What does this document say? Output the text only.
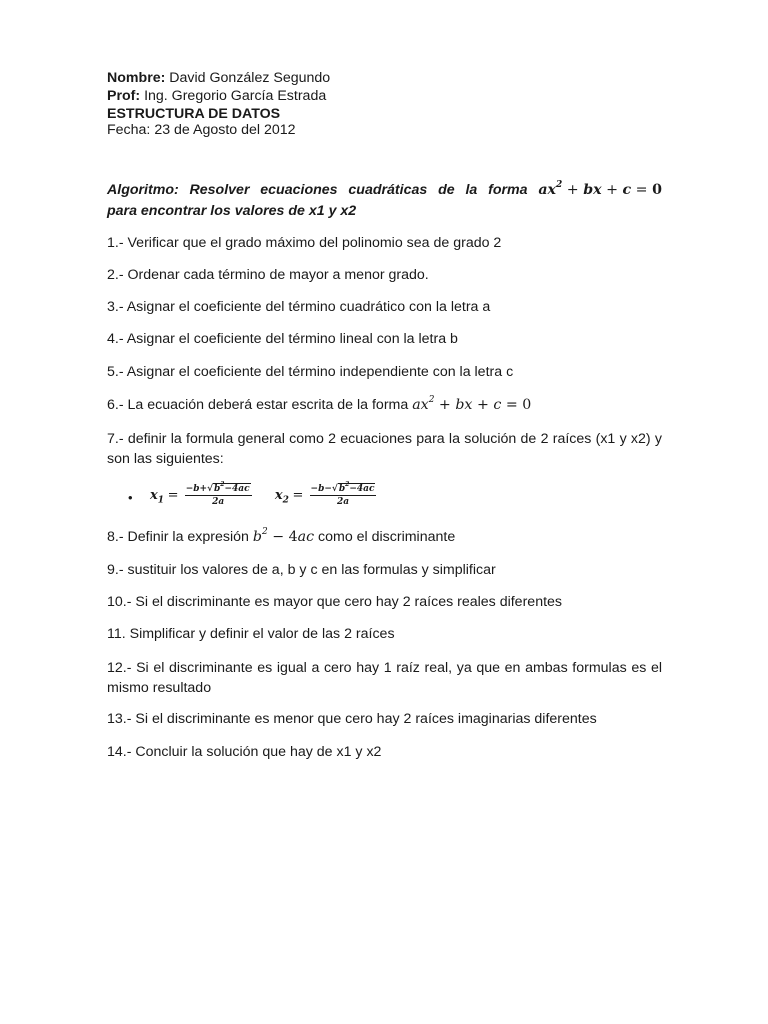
Nombre: David González Segundo
Prof: Ing. Gregorio García Estrada
ESTRUCTURA DE DATOS
Fecha: 23 de Agosto del 2012
Algoritmo: Resolver ecuaciones cuadráticas de la forma $ax^2$ + bx + c = 0
para encontrar los valores de x1 y x2
1.- Verificar que el grado máximo del polinomio sea de grado 2
2.- Ordenar cada término de mayor a menor grado.
3.- Asignar el coeficiente del término cuadrático con la letra a
4.- Asignar el coeficiente del término lineal con la letra b
5.- Asignar el coeficiente del término independiente con la letra c
6.- La ecuación deberá estar escrita de la forma $ax^2$ + bx + c = 0
7.- definir la formula general como 2 ecuaciones para la solución de 2 raíces (x1 y x2) y son las siguientes:
• $x_1 = \frac{-b+√b^2-4ac}{2a} x_2 = \frac{-b-√b^2-4ac}{2a}$
8.- Definir la expresión $b^2 - 4ac$ como el discriminante
9.- sustituir los valores de a, b y c en las formulas y simplificar
10.- Si el discriminante es mayor que cero hay 2 raíces reales diferentes
11. Simplificar y definir el valor de las 2 raíces
12.- Si el discriminante es igual a cero hay 1 raíz real, ya que en ambas formulas es el mismo resultado
13.- Si el discriminante es menor que cero hay 2 raíces imaginarias diferentes
14.- Concluir la solución que hay de x1 y x2
